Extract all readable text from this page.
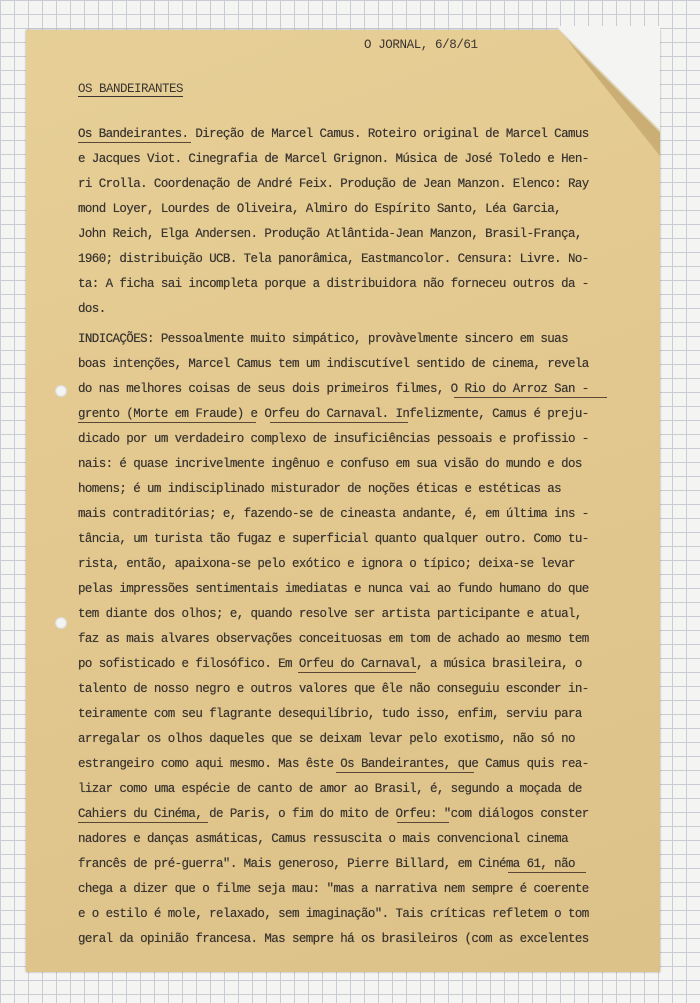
O JORNAL, 6/8/61
OS BANDEIRANTES

Os Bandeirantes. Direção de Marcel Camus. Roteiro original de Marcel Camus

e Jacques Viot. Cinegrafia de Marcel Grignon. Música de José Toledo e Hen-

ri Crolla. Coordenação de André Feix. Produção de Jean Manzon. Elenco: Ray

mond Loyer, Lourdes de Oliveira, Almiro do Espírito Santo, Léa Garcia,

John Reich, Elga Andersen. Produção Atlântida-Jean Manzon, Brasil-França,

1960; distribuição UCB. Tela panorâmica, Eastmancolor. Censura: Livre. No-

ta: A ficha sai incompleta porque a distribuidora não forneceu outros da -

dos.

INDICAÇÕES: Pessoalmente muito simpático, provàvelmente sincero em suas

boas intenções, Marcel Camus tem um indiscutível sentido de cinema, revela

do nas melhores coisas de seus dois primeiros filmes, O Rio do Arroz San -

grento (Morte em Fraude) e Orfeu do Carnaval. Infelizmente, Camus é preju-

dicado por um verdadeiro complexo de insuficiências pessoais e profissio -

nais: é quase incrivelmente ingênuo e confuso em sua visão do mundo e dos

homens; é um indisciplinado misturador de noções éticas e estéticas as

mais contraditórias; e, fazendo-se de cineasta andante, é, em última ins -

tância, um turista tão fugaz e superficial quanto qualquer outro. Como tu-

rista, então, apaixona-se pelo exótico e ignora o típico; deixa-se levar

pelas impressões sentimentais imediatas e nunca vai ao fundo humano do que

tem diante dos olhos; e, quando resolve ser artista participante e atual,

faz as mais alvares observações conceituosas em tom de achado ao mesmo tem

po sofisticado e filosófico. Em Orfeu do Carnaval, a música brasileira, o

talento de nosso negro e outros valores que êle não conseguiu esconder in-

teiramente com seu flagrante desequilíbrio, tudo isso, enfim, serviu para

arregalar os olhos daqueles que se deixam levar pelo exotismo, não só no

estrangeiro como aqui mesmo. Mas êste Os Bandeirantes, que Camus quis rea-

lizar como uma espécie de canto de amor ao Brasil, é, segundo a moçada de

Cahiers du Cinéma, de Paris, o fim do mito de Orfeu: "com diálogos conster

nadores e danças asmáticas, Camus ressuscita o mais convencional cinema

francês de pré-guerra". Mais generoso, Pierre Billard, em Cinéma 61, não

chega a dizer que o filme seja mau: "mas a narrativa nem sempre é coerente

e o estilo é mole, relaxado, sem imaginação". Tais críticas refletem o tom

geral da opinião francesa. Mas sempre há os brasileiros (com as excelentes
